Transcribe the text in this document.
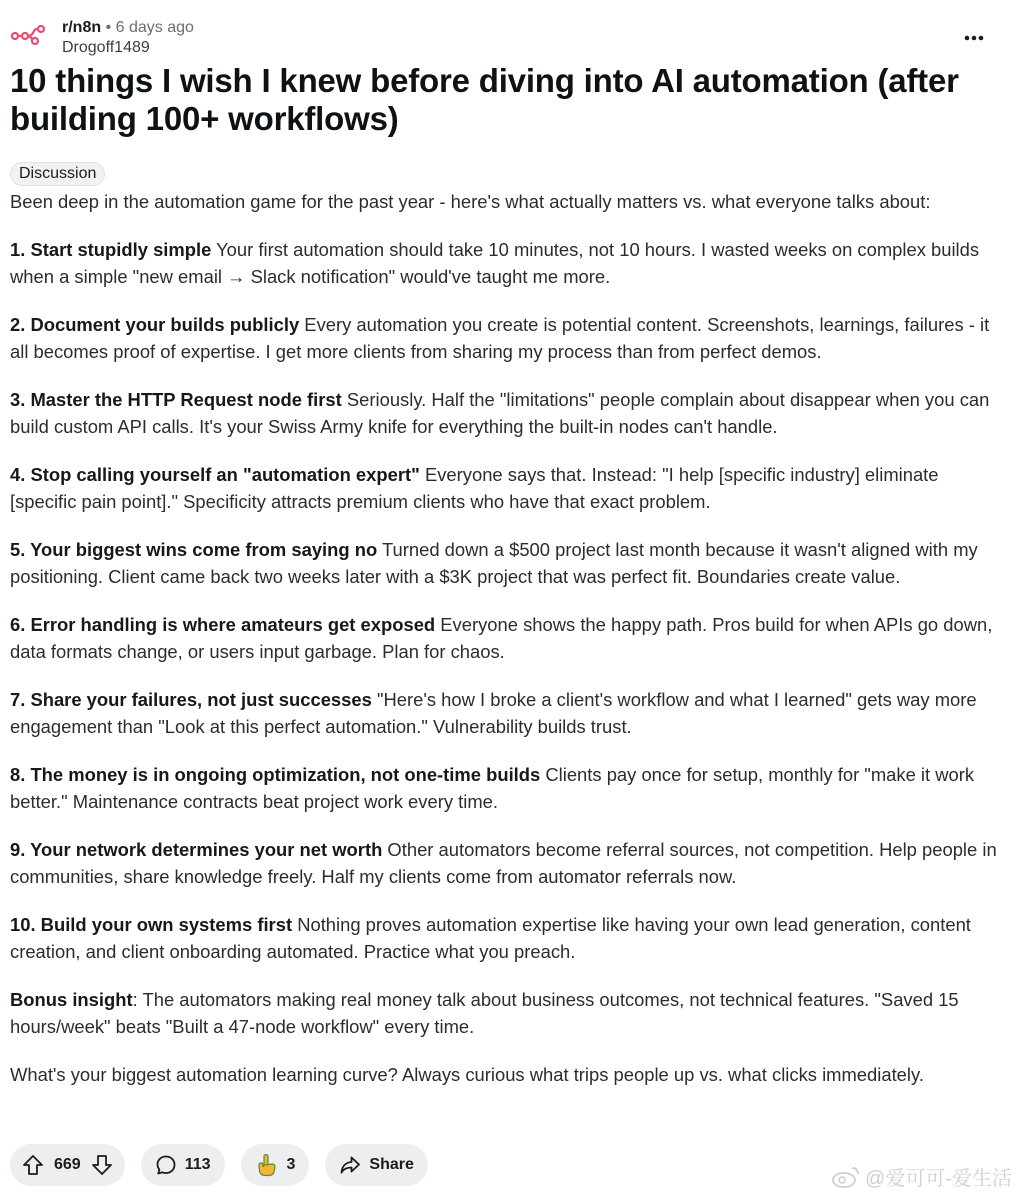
r/n8n • 6 days ago
Drogoff1489
10 things I wish I knew before diving into AI automation (after building 100+ workflows)
Discussion

Been deep in the automation game for the past year - here's what actually matters vs. what everyone talks about:

1. Start stupidly simple Your first automation should take 10 minutes, not 10 hours. I wasted weeks on complex builds when a simple "new email → Slack notification" would've taught me more.

2. Document your builds publicly Every automation you create is potential content. Screenshots, learnings, failures - it all becomes proof of expertise. I get more clients from sharing my process than from perfect demos.

3. Master the HTTP Request node first Seriously. Half the "limitations" people complain about disappear when you can build custom API calls. It's your Swiss Army knife for everything the built-in nodes can't handle.

4. Stop calling yourself an "automation expert" Everyone says that. Instead: "I help [specific industry] eliminate [specific pain point]." Specificity attracts premium clients who have that exact problem.

5. Your biggest wins come from saying no Turned down a $500 project last month because it wasn't aligned with my positioning. Client came back two weeks later with a $3K project that was perfect fit. Boundaries create value.

6. Error handling is where amateurs get exposed Everyone shows the happy path. Pros build for when APIs go down, data formats change, or users input garbage. Plan for chaos.

7. Share your failures, not just successes "Here's how I broke a client's workflow and what I learned" gets way more engagement than "Look at this perfect automation." Vulnerability builds trust.

8. The money is in ongoing optimization, not one-time builds Clients pay once for setup, monthly for "make it work better." Maintenance contracts beat project work every time.

9. Your network determines your net worth Other automators become referral sources, not competition. Help people in communities, share knowledge freely. Half my clients come from automator referrals now.

10. Build your own systems first Nothing proves automation expertise like having your own lead generation, content creation, and client onboarding automated. Practice what you preach.

Bonus insight: The automators making real money talk about business outcomes, not technical features. "Saved 15 hours/week" beats "Built a 47-node workflow" every time.

What's your biggest automation learning curve? Always curious what trips people up vs. what clicks immediately.

669	113	3	Share
@爱可可-爱生活
